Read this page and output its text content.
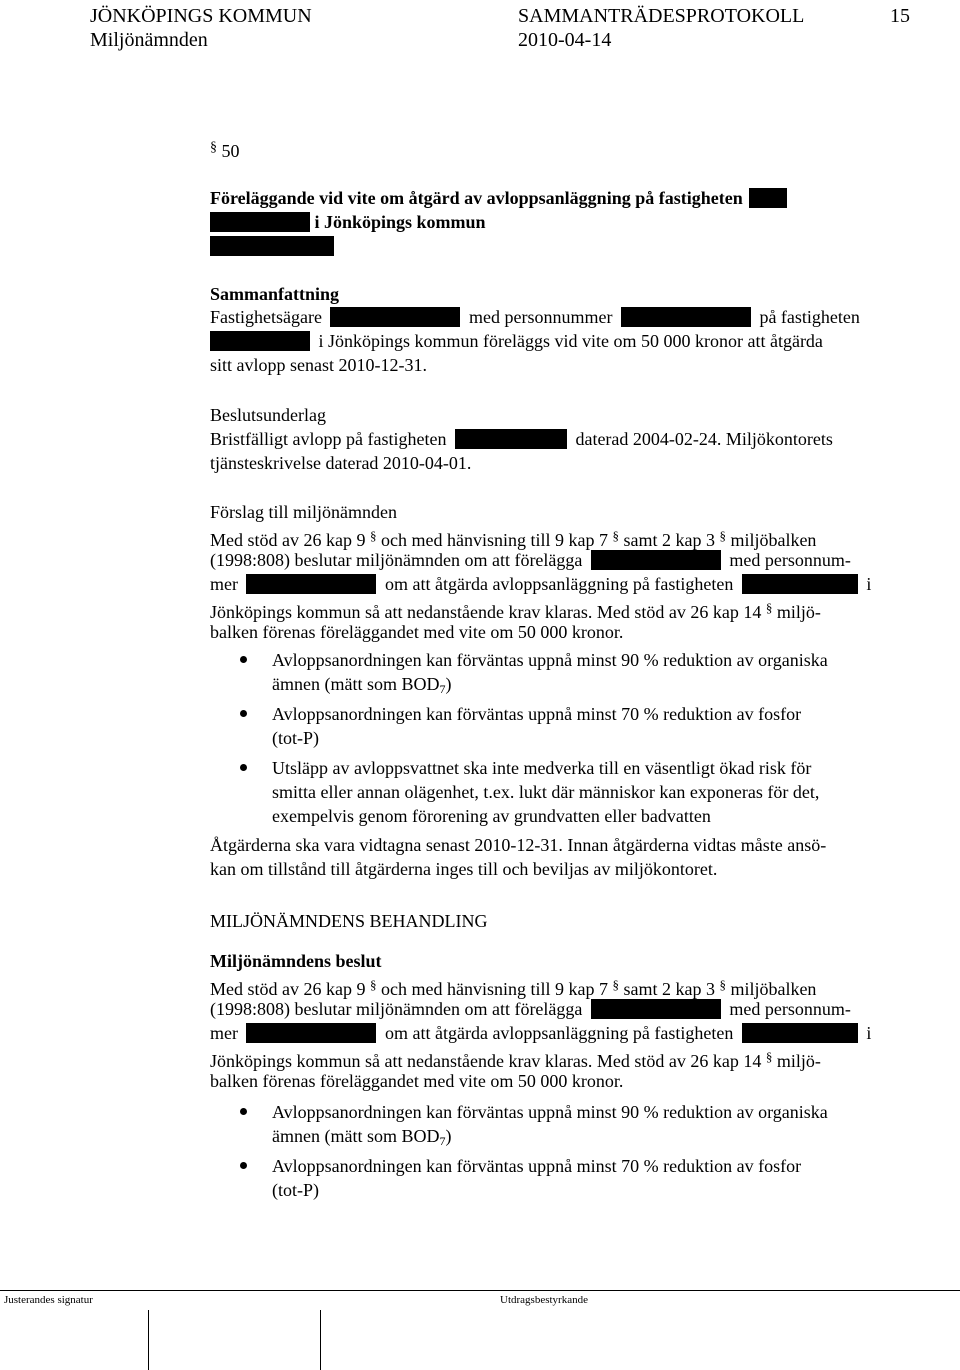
JÖNKÖPINGS KOMMUN	SAMMANTRÄDESPROTOKOLL	15
Miljönämnden	2010-04-14
§ 50
Föreläggande vid vite om åtgärd av avloppsanläggning på fastigheten
i Jönköpings kommun
Sammanfattning
Fastighetsägare	med personnummer	på fastigheten
i Jönköpings kommun föreläggs vid vite om 50 000 kronor att åtgärda
sitt avlopp senast 2010-12-31.
Beslutsunderlag
Bristfälligt avlopp på fastigheten	daterad 2004-02-24. Miljökontorets
tjänsteskrivelse daterad 2010-04-01.
Förslag till miljönämnden
Med stöd av 26 kap 9 § och med hänvisning till 9 kap 7 § samt 2 kap 3 § miljöbalken
(1998:808) beslutar miljönämnden om att förelägga	med personnum-
mer	om att åtgärda avloppsanläggning på fastigheten	i
Jönköpings kommun så att nedanstående krav klaras. Med stöd av 26 kap 14 § miljö-
balken förenas föreläggandet med vite om 50 000 kronor.
Avloppsanordningen kan förväntas uppnå minst 90 % reduktion av organiska
ämnen (mätt som $BOD_7$)
Avloppsanordningen kan förväntas uppnå minst 70 % reduktion av fosfor
(tot-P)
Utsläpp av avloppsvattnet ska inte medverka till en väsentligt ökad risk för
smitta eller annan olägenhet, t.ex. lukt där människor kan exponeras för det,
exempelvis genom förorening av grundvatten eller badvatten
Åtgärderna ska vara vidtagna senast 2010-12-31. Innan åtgärderna vidtas måste ansö-
kan om tillstånd till åtgärderna inges till och beviljas av miljökontoret.
MILJÖNÄMNDENS BEHANDLING
Miljönämndens beslut
Med stöd av 26 kap 9 § och med hänvisning till 9 kap 7 § samt 2 kap 3 § miljöbalken
(1998:808) beslutar miljönämnden om att förelägga	med personnum-
mer	om att åtgärda avloppsanläggning på fastigheten	i
Jönköpings kommun så att nedanstående krav klaras. Med stöd av 26 kap 14 § miljö-
balken förenas föreläggandet med vite om 50 000 kronor.
Avloppsanordningen kan förväntas uppnå minst 90 % reduktion av organiska
ämnen (mätt som $BOD_7$)
Avloppsanordningen kan förväntas uppnå minst 70 % reduktion av fosfor
(tot-P)
Justerandes signatur	Utdragsbestyrkande
